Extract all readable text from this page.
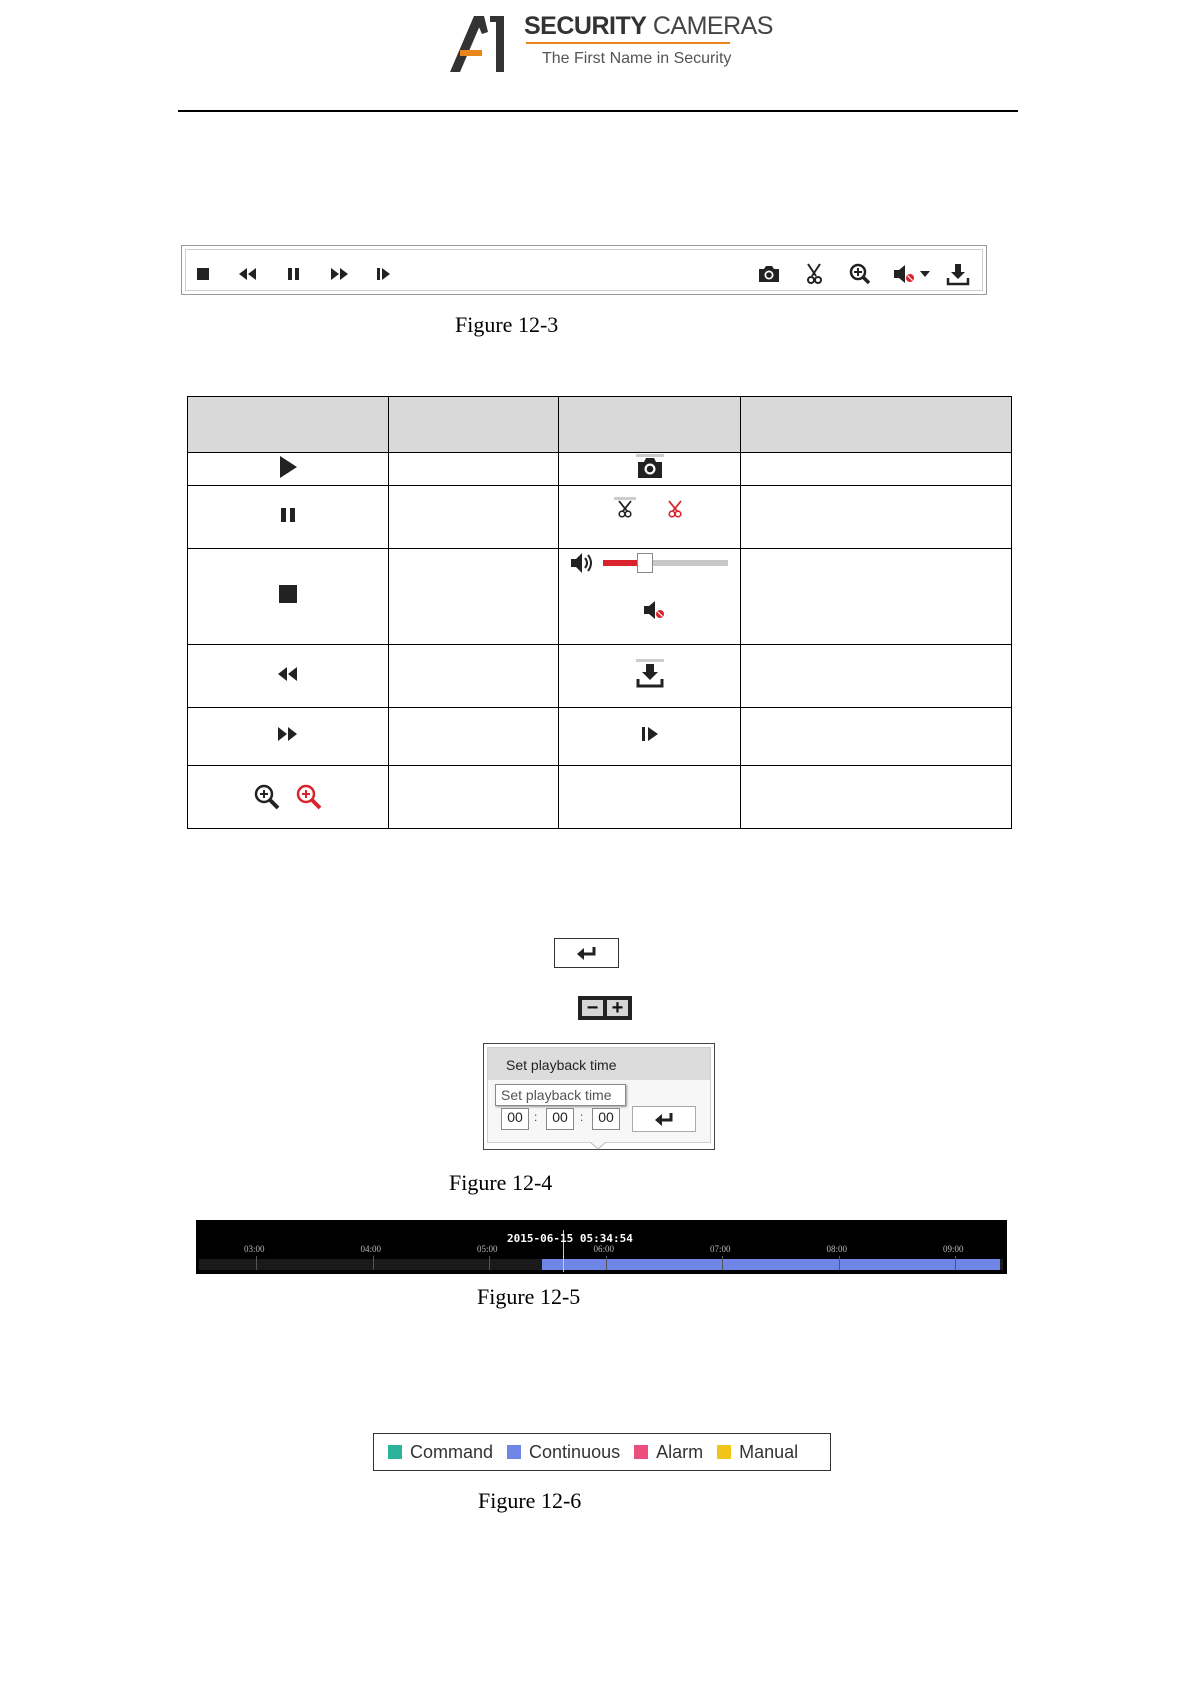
SECURITY CAMERAS
The First Name in Security
Figure 12-3

− +
Set playback time
00 :	00	:	00
Set playback time
Figure 12-4
03:00	04:00	05:00	06:00	07:00	08:00	09:00
2015-06-15 05:34:54
Figure 12-5
Command Continuous Alarm Manual
Figure 12-6
